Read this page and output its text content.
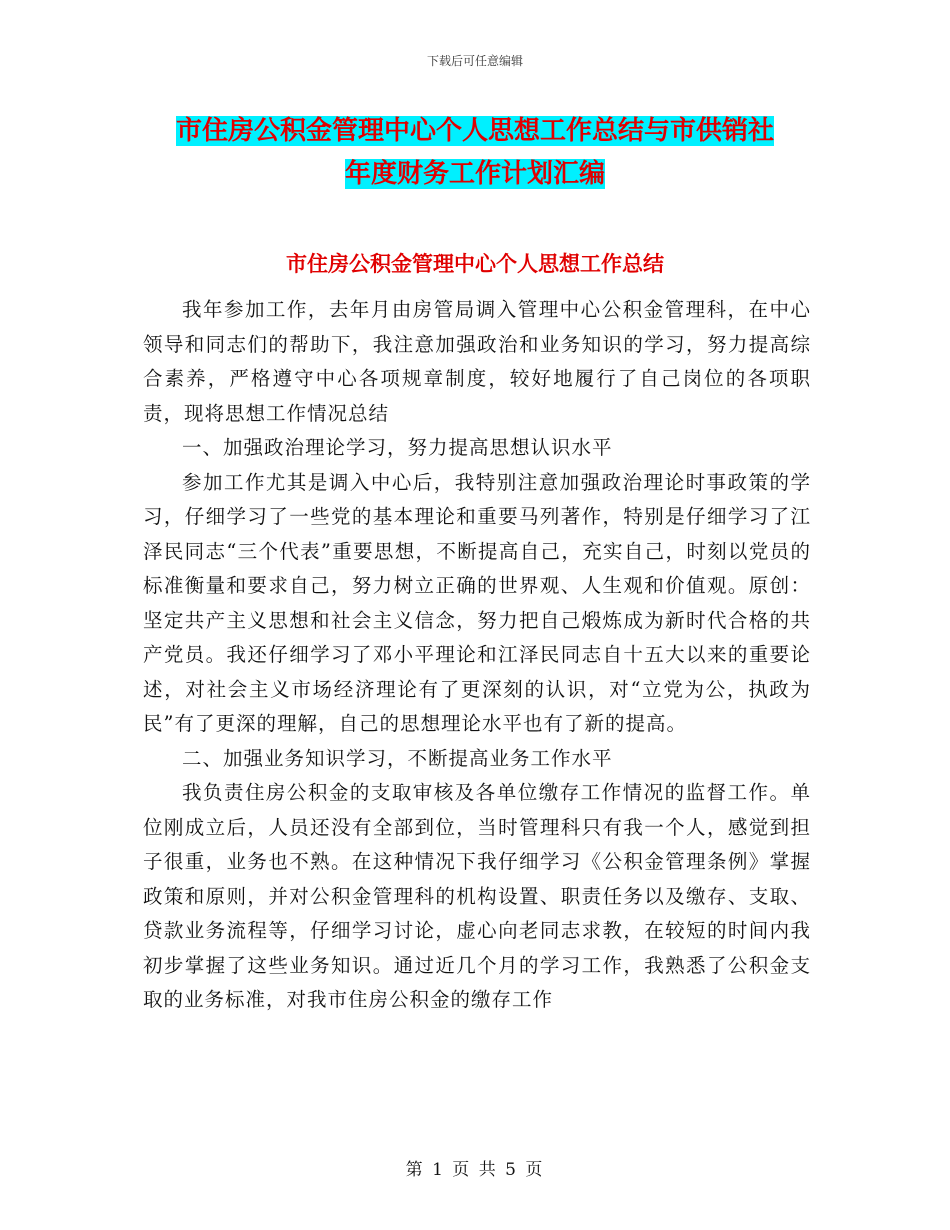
下载后可任意编辑
市住房公积金管理中心个人思想工作总结与市供销社
年度财务工作计划汇编
市住房公积金管理中心个人思想工作总结

我年参加工作，去年月由房管局调入管理中心公积金管理科，在中心领导和同志们的帮助下，我注意加强政治和业务知识的学习，努力提高综合素养，严格遵守中心各项规章制度，较好地履行了自己岗位的各项职责，现将思想工作情况总结

一、加强政治理论学习，努力提高思想认识水平

参加工作尤其是调入中心后，我特别注意加强政治理论时事政策的学习，仔细学习了一些党的基本理论和重要马列著作，特别是仔细学习了江泽民同志“三个代表”重要思想，不断提高自己，充实自己，时刻以党员的标准衡量和要求自己，努力树立正确的世界观、人生观和价值观。原创： 坚定共产主义思想和社会主义信念，努力把自己煅炼成为新时代合格的共产党员。我还仔细学习了邓小平理论和江泽民同志自十五大以来的重要论述，对社会主义市场经济理论有了更深刻的认识，对“立党为公，执政为民”有了更深的理解，自己的思想理论水平也有了新的提高。

二、加强业务知识学习，不断提高业务工作水平

我负责住房公积金的支取审核及各单位缴存工作情况的监督工作。单位刚成立后，人员还没有全部到位，当时管理科只有我一个人，感觉到担子很重，业务也不熟。在这种情况下我仔细学习《公积金管理条例》掌握政策和原则，并对公积金管理科的机构设置、职责任务以及缴存、支取、贷款业务流程等，仔细学习讨论，虚心向老同志求教，在较短的时间内我初步掌握了这些业务知识。通过近几个月的学习工作，我熟悉了公积金支取的业务标准，对我市住房公积金的缴存工作

第 1 页 共 5 页
